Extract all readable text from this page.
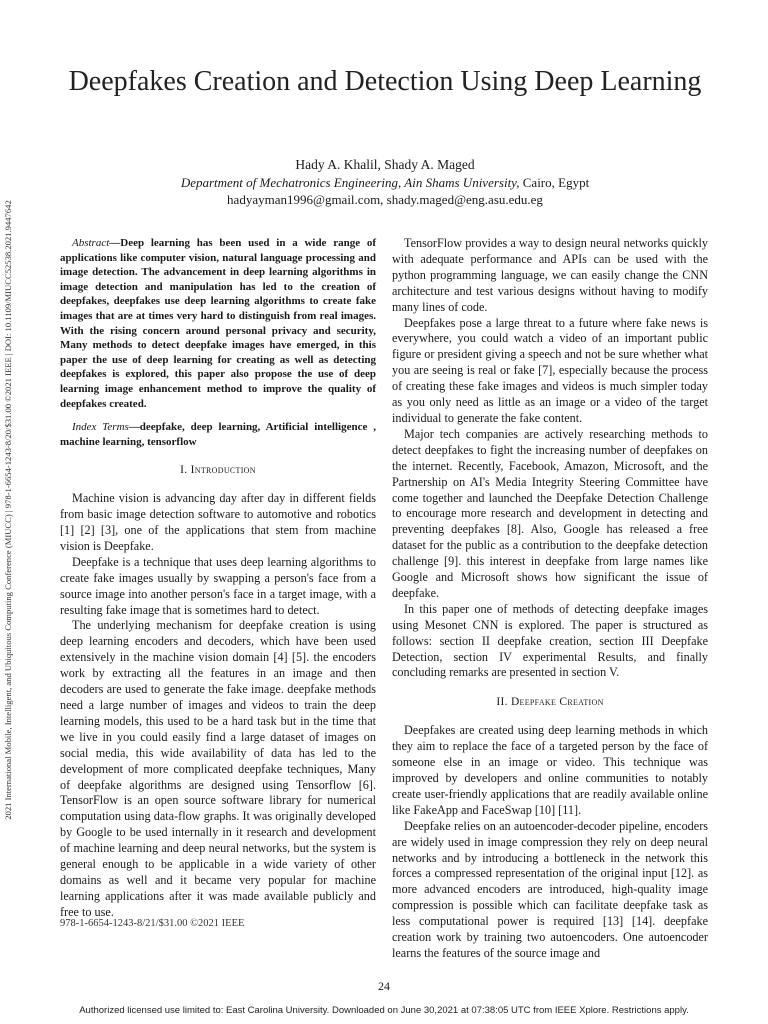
2021 International Mobile, Intelligent, and Ubiquitous Computing Conference (MIUCC) | 978-1-6654-1243-8/20/$31.00 ©2021 IEEE | DOI: 10.1109/MIUCC52538.2021.9447642
Deepfakes Creation and Detection Using Deep Learning
Hady A. Khalil, Shady A. Maged
Department of Mechatronics Engineering, Ain Shams University, Cairo, Egypt
hadyayman1996@gmail.com, shady.maged@eng.asu.edu.eg

Abstract—Deep learning has been used in a wide range of applications like computer vision, natural language processing and image detection. The advancement in deep learning algorithms in image detection and manipulation has led to the creation of deepfakes, deepfakes use deep learning algorithms to create fake images that are at times very hard to distinguish from real images. With the rising concern around personal privacy and security, Many methods to detect deepfake images have emerged, in this paper the use of deep learning for creating as well as detecting deepfakes is explored, this paper also propose the use of deep learning image enhancement method to improve the quality of deepfakes created.

Index Terms—deepfake, deep learning, Artificial intelligence , machine learning, tensorflow

I. Introduction

Machine vision is advancing day after day in different fields from basic image detection software to automotive and robotics [1] [2] [3], one of the applications that stem from machine vision is Deepfake.

Deepfake is a technique that uses deep learning algorithms to create fake images usually by swapping a person's face from a source image into another person's face in a target image, with a resulting fake image that is sometimes hard to detect.

The underlying mechanism for deepfake creation is using deep learning encoders and decoders, which have been used extensively in the machine vision domain [4] [5]. the encoders work by extracting all the features in an image and then decoders are used to generate the fake image. deepfake methods need a large number of images and videos to train the deep learning models, this used to be a hard task but in the time that we live in you could easily find a large dataset of images on social media, this wide availability of data has led to the development of more complicated deepfake techniques, Many of deepfake algorithms are designed using Tensorflow [6]. TensorFlow is an open source software library for numerical computation using data-flow graphs. It was originally developed by Google to be used internally in it research and development of machine learning and deep neural networks, but the system is general enough to be applicable in a wide variety of other domains as well and it became very popular for machine learning applications after it was made available publicly and free to use.

TensorFlow provides a way to design neural networks quickly with adequate performance and APIs can be used with the python programming language, we can easily change the CNN architecture and test various designs without having to modify many lines of code.

Deepfakes pose a large threat to a future where fake news is everywhere, you could watch a video of an important public figure or president giving a speech and not be sure whether what you are seeing is real or fake [7], especially because the process of creating these fake images and videos is much simpler today as you only need as little as an image or a video of the target individual to generate the fake content.

Major tech companies are actively researching methods to detect deepfakes to fight the increasing number of deepfakes on the internet. Recently, Facebook, Amazon, Microsoft, and the Partnership on AI's Media Integrity Steering Committee have come together and launched the Deepfake Detection Challenge to encourage more research and development in detecting and preventing deepfakes [8]. Also, Google has released a free dataset for the public as a contribution to the deepfake detection challenge [9]. this interest in deepfake from large names like Google and Microsoft shows how significant the issue of deepfake.

In this paper one of methods of detecting deepfake images using Mesonet CNN is explored. The paper is structured as follows: section II deepfake creation, section III Deepfake Detection, section IV experimental Results, and finally concluding remarks are presented in section V.

II. Deepfake Creation

Deepfakes are created using deep learning methods in which they aim to replace the face of a targeted person by the face of someone else in an image or video. This technique was improved by developers and online communities to notably create user-friendly applications that are readily available online like FakeApp and FaceSwap [10] [11].

Deepfake relies on an autoencoder-decoder pipeline, encoders are widely used in image compression they rely on deep neural networks and by introducing a bottleneck in the network this forces a compressed representation of the original input [12]. as more advanced encoders are introduced, high-quality image compression is possible which can facilitate deepfake task as less computational power is required [13] [14]. deepfake creation work by training two autoencoders. One autoencoder learns the features of the source image and

978-1-6654-1243-8/21/$31.00 ©2021 IEEE
24
Authorized licensed use limited to: East Carolina University. Downloaded on June 30,2021 at 07:38:05 UTC from IEEE Xplore. Restrictions apply.
